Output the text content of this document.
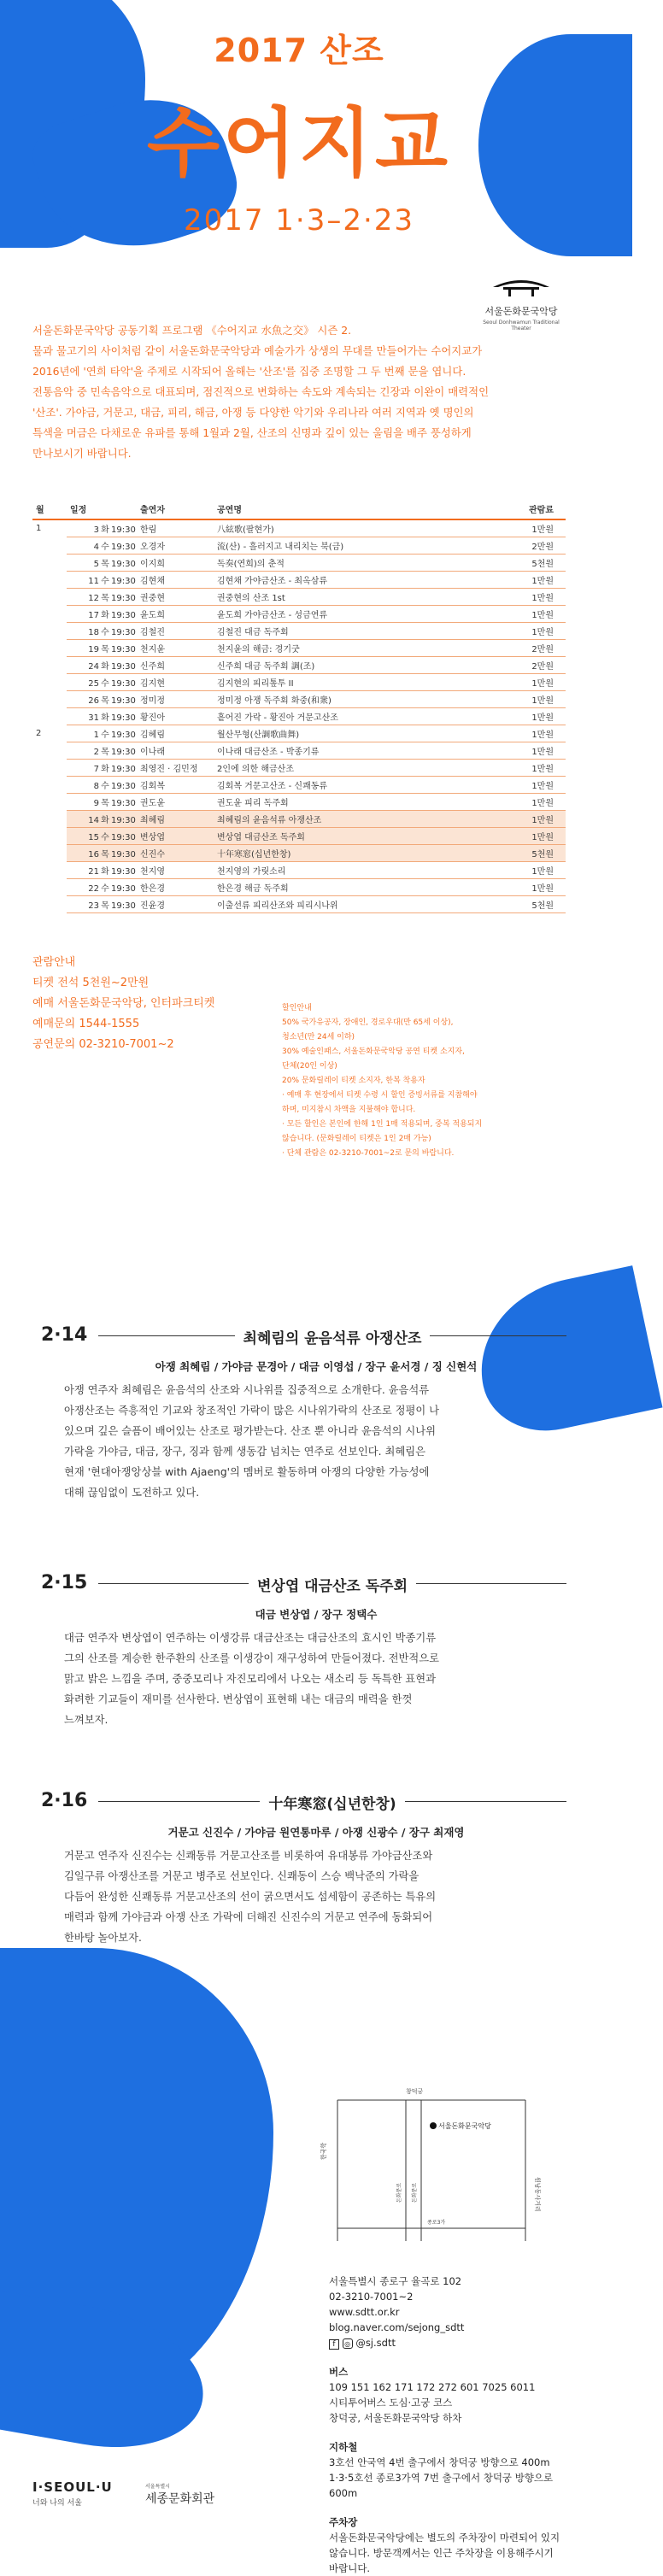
2017 산조
수어지교
2017 1·3–2·23
서울돈화문국악당
Seoul Donhwamun Traditional Theater
서울돈화문국악당 공동기획 프로그램 《수어지교 水魚之交》 시즌 2.
물과 물고기의 사이처럼 같이 서울돈화문국악당과 예술가가 상생의 무대를 만들어가는 수어지교가
2016년에 '연희 타악'을 주제로 시작되어 올해는 '산조'를 집중 조명할 그 두 번째 문을 엽니다.
전통음악 중 민속음악으로 대표되며, 점진적으로 변화하는 속도와 계속되는 긴장과 이완이 매력적인
'산조'. 가야금, 거문고, 대금, 피리, 해금, 아쟁 등 다양한 악기와 우리나라 여러 지역과 옛 명인의
특색을 머금은 다채로운 유파를 통해 1월과 2월, 산조의 신명과 깊이 있는 울림을 배주 풍성하게
만나보시기 바랍니다.
월	일정	출연자	공연명	관람료
1	3 화 19:30	한림	八絃歌(팔현가)	1만원
	4 수 19:30	오경자	流(산) - 흘러지고 내리치는 북(금)	2만원
	5 목 19:30	이지희	독奏(연희)의 춘적	5천원
	11 수 19:30	김현채	김현채 가야금산조 - 최옥삼류	1만원
	12 목 19:30	권중현	권중현의 산조 1st	1만원
	17 화 19:30	윤도희	윤도희 가야금산조 - 성금연류	1만원
	18 수 19:30	김철진	김철진 대금 독주회	1만원
	19 목 19:30	천지윤	천지윤의 해금: 경기굿	2만원
	24 화 19:30	신주희	신주희 대금 독주회 調(조)	2만원
	25 수 19:30	김지현	김지현의 피리톺투 II	1만원
	26 목 19:30	정미정	정미정 아쟁 독주회 화중(和衆)	1만원
	31 화 19:30	황진아	흩어진 가락 - 황진아 거문고산조	1만원
2	1 수 19:30	김혜림	월산무형(산調歌曲舞)	1만원
	2 목 19:30	이나래	이나래 대금산조 - 박종기류	1만원
	7 화 19:30	최영진 · 김민정	2인에 의한 해금산조	1만원
	8 수 19:30	김회복	김회복 거문고산조 - 신쾌동류	1만원
	9 목 19:30	권도윤	권도윤 피리 독주회	1만원
	14 화 19:30	최혜림	최혜림의 윤음석류 아쟁산조	1만원
	15 수 19:30	변상엽	변상엽 대금산조 독주회	1만원
	16 목 19:30	신진수	十年寒窓(십년한창)	5천원
	21 화 19:30	천지영	천지영의 가릿소리	1만원
	22 수 19:30	한은경	한은경 해금 독주회	1만원
	23 목 19:30	진윤경	이출선류 피리산조와 피리시나위	5천원
관람안내
티켓 전석 5천원~2만원
예매 서울돈화문국악당, 인터파크티켓
예매문의 1544-1555
공연문의 02-3210-7001~2
할인안내
50% 국가유공자, 장애인, 경로우대(만 65세 이상),
청소년(만 24세 이하)
30% 예술인패스, 서울돈화문국악당 공연 티켓 소지자,
단체(20인 이상)
20% 문화릴레이 티켓 소지자, 한복 착용자
· 예매 후 현장에서 티켓 수령 시 할인 증빙서류를 지참해야
하며, 미지참시 차액을 지불해야 합니다.
· 모든 할인은 본인에 한해 1인 1매 적용되며, 중복 적용되지
않습니다. (문화릴레이 티켓은 1인 2매 가능)
· 단체 관람은 02-3210-7001~2로 문의 바랍니다.
2·14	최혜림의 윤음석류 아쟁산조
아쟁 최혜림 / 가야금 문경아 / 대금 이영섭 / 장구 윤서경 / 징 신현석
아쟁 연주자 최혜림은 윤음석의 산조와 시나위를 집중적으로 소개한다. 윤음석류
아쟁산조는 즉흥적인 기교와 창조적인 가락이 많은 시나위가락의 산조로 정평이 나
있으며 깊은 슬픔이 배어있는 산조로 평가받는다. 산조 뿐 아니라 윤음석의 시나위
가락을 가야금, 대금, 장구, 징과 함께 생동감 넘치는 연주로 선보인다. 최혜림은
현재 '현대아쟁앙상블 with Ajaeng'의 멤버로 활동하며 아쟁의 다양한 가능성에
대해 끊임없이 도전하고 있다.
2·15	변상엽 대금산조 독주회
대금 변상엽 / 장구 정택수
대금 연주자 변상엽이 연주하는 이생강류 대금산조는 대금산조의 효시인 박종기류
그의 산조를 계승한 한주환의 산조를 이생강이 재구성하여 만들어졌다. 전반적으로
맑고 밝은 느낌을 주며, 중중모리나 자진모리에서 나오는 새소리 등 독특한 표현과
화려한 기교들이 재미를 선사한다. 변상엽이 표현해 내는 대금의 매력을 한껏
느껴보자.
2·16	十年寒窓(십년한창)
거문고 신진수 / 가야금 원연통마루 / 아쟁 신광수 / 장구 최재영
거문고 연주자 신진수는 신쾌동류 거문고산조를 비롯하여 유대봉류 가야금산조와
김일구류 아쟁산조를 거문고 병주로 선보인다. 신쾌동이 스승 백낙준의 가락을
다듬어 완성한 신쾌동류 거문고산조의 선이 굵으면서도 섬세함이 공존하는 특유의
매력과 함께 가야금과 아쟁 산조 가락에 더해진 신진수의 거문고 연주에 동화되어
한바탕 놀아보자.
한국학
창덕궁
원남동사거리
서울돈화문국악당
돈화문로 돈화문로
종로3가
서울특별시 종로구 율곡로 102
02-3210-7001~2
www.sdtt.or.kr
blog.naver.com/sejong_sdtt
f ◎ @sj.sdtt
버스
109 151 162 171 172 272 601 7025 6011
시티투어버스 도심·고궁 코스
창덕궁, 서울돈화문국악당 하차
지하철
3호선 안국역 4번 출구에서 창덕궁 방향으로 400m
1·3·5호선 종로3가역 7번 출구에서 창덕궁 방향으로 600m
주차장
서울돈화문국악당에는 별도의 주차장이 마련되어 있지
않습니다. 방문객께서는 인근 주차장을 이용해주시기
바랍니다.
I·SEOUL·U
너와 나의 서울
서울특별시
세종문화회관
